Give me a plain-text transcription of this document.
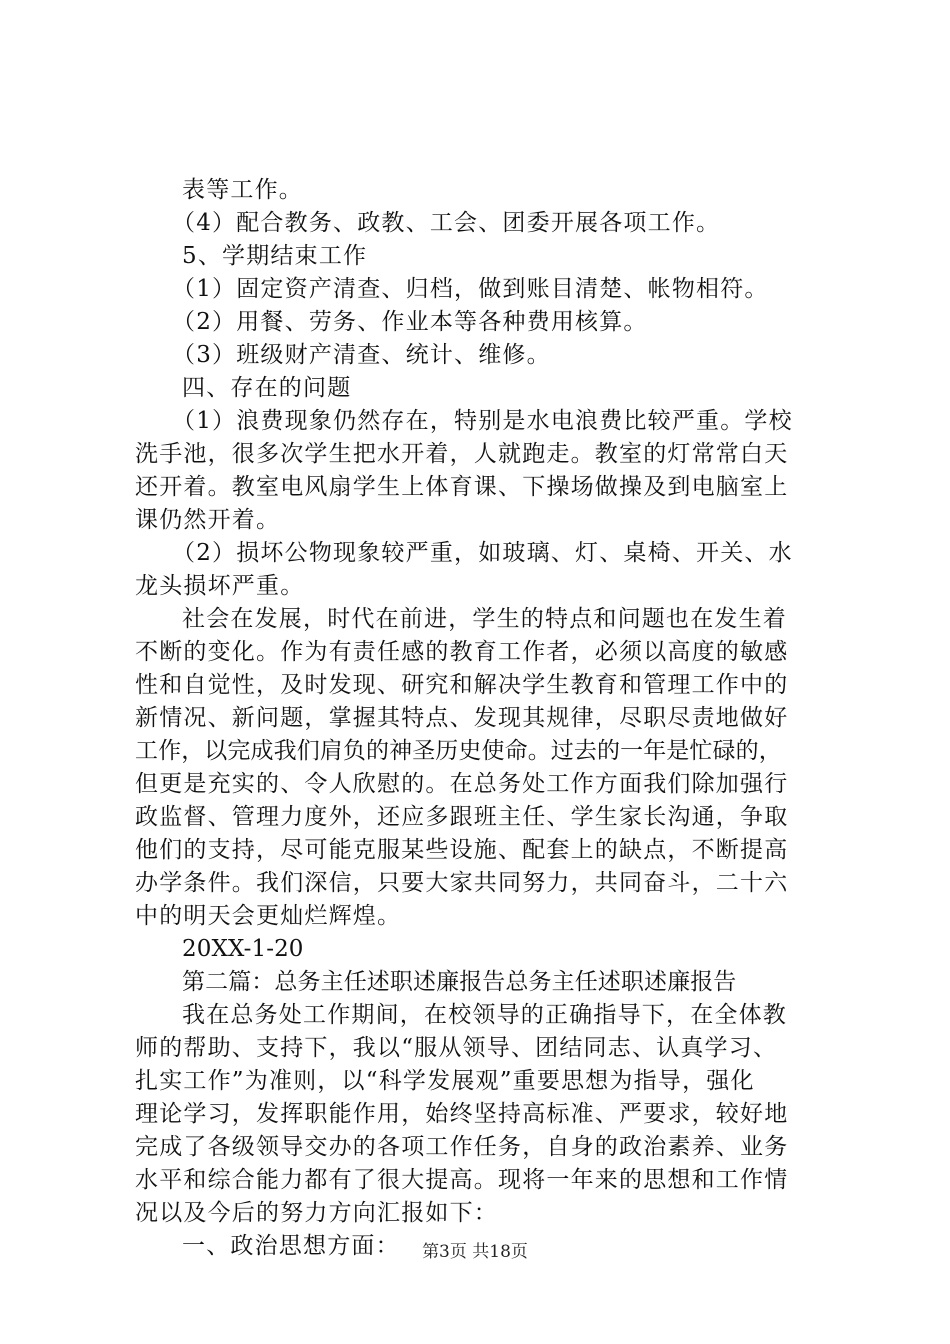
表等工作。
（4）配合教务、政教、工会、团委开展各项工作。
5、学期结束工作
（1）固定资产清查、归档，做到账目清楚、帐物相符。
（2）用餐、劳务、作业本等各种费用核算。
（3）班级财产清查、统计、维修。
四、存在的问题
（1）浪费现象仍然存在，特别是水电浪费比较严重。学校
洗手池，很多次学生把水开着，人就跑走。教室的灯常常白天
还开着。教室电风扇学生上体育课、下操场做操及到电脑室上
课仍然开着。
（2）损坏公物现象较严重，如玻璃、灯、桌椅、开关、水
龙头损坏严重。
社会在发展，时代在前进，学生的特点和问题也在发生着
不断的变化。作为有责任感的教育工作者，必须以高度的敏感
性和自觉性，及时发现、研究和解决学生教育和管理工作中的
新情况、新问题，掌握其特点、发现其规律，尽职尽责地做好
工作，以完成我们肩负的神圣历史使命。过去的一年是忙碌的，
但更是充实的、令人欣慰的。在总务处工作方面我们除加强行
政监督、管理力度外，还应多跟班主任、学生家长沟通，争取
他们的支持，尽可能克服某些设施、配套上的缺点，不断提高
办学条件。我们深信，只要大家共同努力，共同奋斗，二十六
中的明天会更灿烂辉煌。
20XX-1-20
第二篇：总务主任述职述廉报告总务主任述职述廉报告
我在总务处工作期间，在校领导的正确指导下，在全体教
师的帮助、支持下，我以“服从领导、团结同志、认真学习、
扎实工作”为准则，以“科学发展观”重要思想为指导，强化
理论学习，发挥职能作用，始终坚持高标准、严要求，较好地
完成了各级领导交办的各项工作任务，自身的政治素养、业务
水平和综合能力都有了很大提高。现将一年来的思想和工作情
况以及今后的努力方向汇报如下：
一、政治思想方面：	第3页 共18页
